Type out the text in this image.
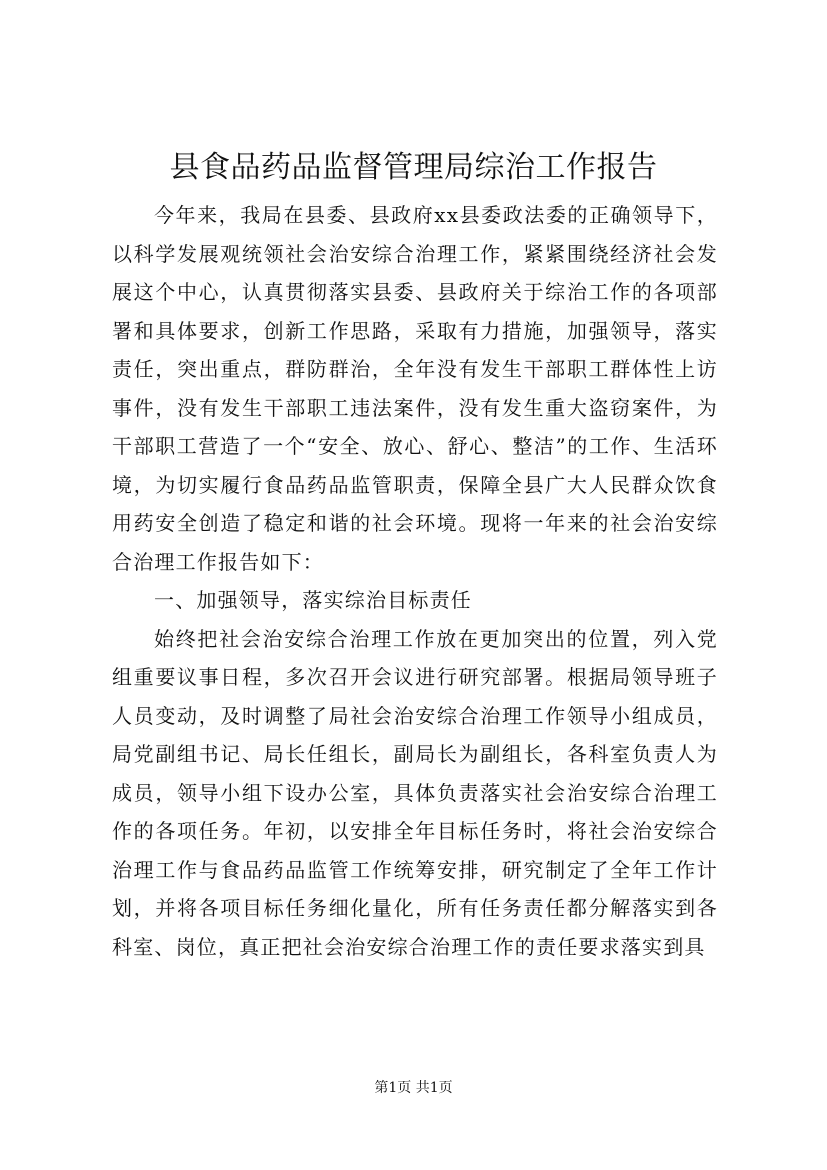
县食品药品监督管理局综治工作报告

今年来，我局在县委、县政府xx县委政法委的正确领导下，以科学发展观统领社会治安综合治理工作，紧紧围绕经济社会发展这个中心，认真贯彻落实县委、县政府关于综治工作的各项部署和具体要求，创新工作思路，采取有力措施，加强领导，落实责任，突出重点，群防群治，全年没有发生干部职工群体性上访事件，没有发生干部职工违法案件，没有发生重大盗窃案件，为干部职工营造了一个“安全、放心、舒心、整洁”的工作、生活环境，为切实履行食品药品监管职责，保障全县广大人民群众饮食用药安全创造了稳定和谐的社会环境。现将一年来的社会治安综合治理工作报告如下：

一、加强领导，落实综治目标责任

始终把社会治安综合治理工作放在更加突出的位置，列入党组重要议事日程，多次召开会议进行研究部署。根据局领导班子人员变动，及时调整了局社会治安综合治理工作领导小组成员，局党副组书记、局长任组长，副局长为副组长，各科室负责人为成员，领导小组下设办公室，具体负责落实社会治安综合治理工作的各项任务。年初，以安排全年目标任务时，将社会治安综合治理工作与食品药品监管工作统筹安排，研究制定了全年工作计划，并将各项目标任务细化量化，所有任务责任都分解落实到各科室、岗位，真正把社会治安综合治理工作的责任要求落实到具

第1页 共1页
